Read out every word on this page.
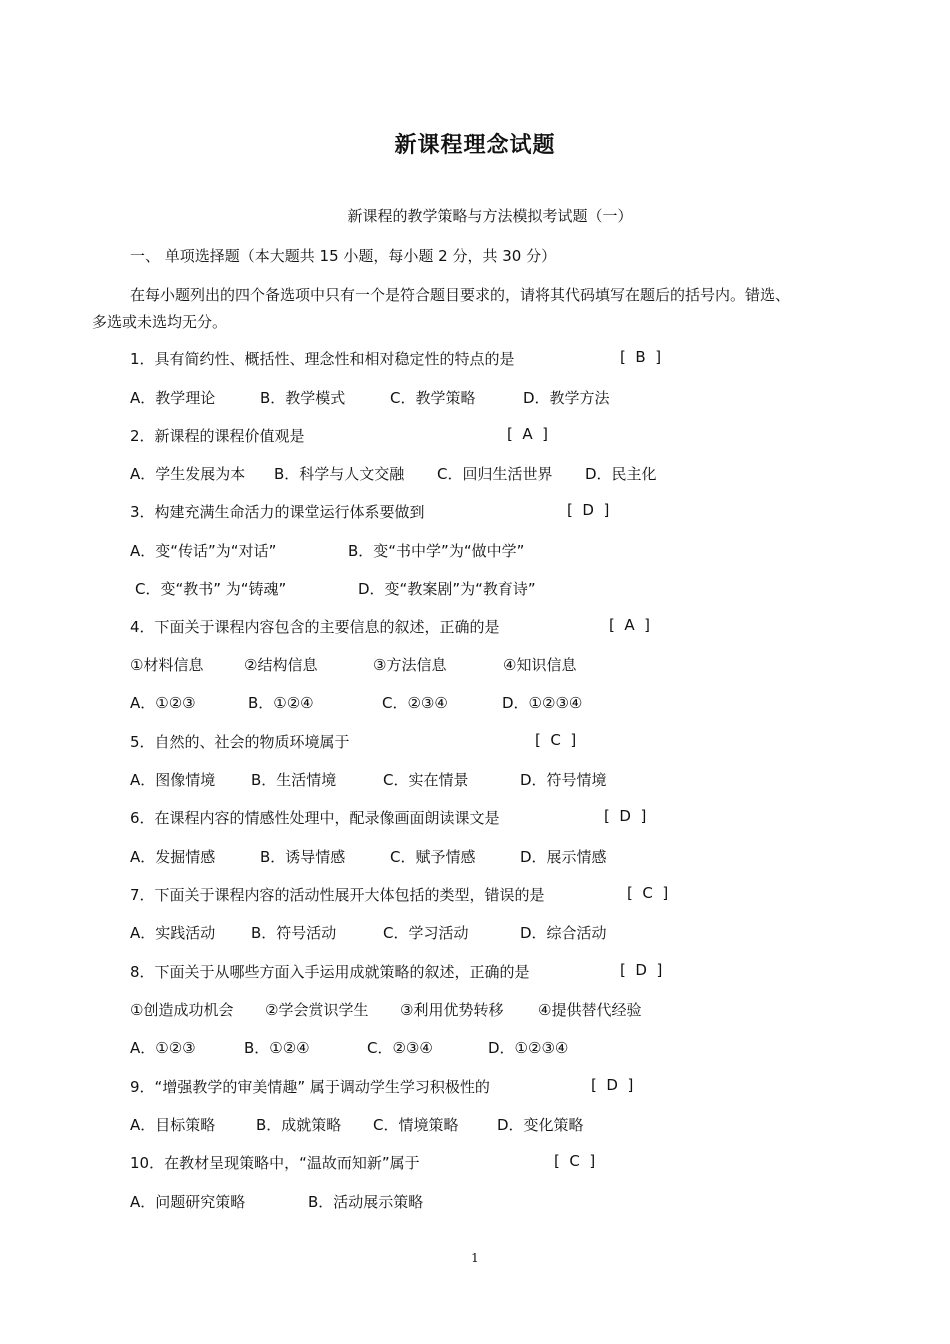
新课程理念试题
新课程的教学策略与方法模拟考试题（一）
一、 单项选择题（本大题共 15 小题，每小题 2 分，共 30 分）
在每小题列出的四个备选项中只有一个是符合题目要求的，请将其代码填写在题后的括号内。错选、
多选或未选均无分。
1．具有简约性、概括性、理念性和相对稳定性的特点的是	[  B  ]
A．教学理论	B．教学模式	C．教学策略	D．教学方法
2．新课程的课程价值观是	[  A  ]
A．学生发展为本 B．科学与人文交融 C．回归生活世界 D．民主化
3．构建充满生命活力的课堂运行体系要做到	[  D  ]
A．变“传话”为“对话”	B．变“书中学”为“做中学”
C．变“教书” 为“铸魂”	D．变“教案剧”为“教育诗”
4．下面关于课程内容包含的主要信息的叙述，正确的是	[  A  ]
①材料信息	②结构信息	③方法信息	④知识信息
A．①②③	B．①②④	C．②③④	D．①②③④
5．自然的、社会的物质环境属于	[  C  ]
A．图像情境 B．生活情境	C．实在情景	D．符号情境
6．在课程内容的情感性处理中，配录像画面朗读课文是	[  D  ]
A．发掘情感	B．诱导情感	C．赋予情感	D．展示情感
7．下面关于课程内容的活动性展开大体包括的类型，错误的是	[  C  ]
A．实践活动 B．符号活动	C．学习活动	D．综合活动
8．下面关于从哪些方面入手运用成就策略的叙述，正确的是	[  D  ]
①创造成功机会 ②学会赏识学生 ③利用优势转移 ④提供替代经验
A．①②③	B．①②④	C．②③④	D．①②③④
9．“增强教学的审美情趣” 属于调动学生学习积极性的	[  D  ]
A．目标策略	B．成就策略 C．情境策略	D．变化策略
10．在教材呈现策略中，“温故而知新”属于	[  C  ]
A．问题研究策略	B．活动展示策略
1
